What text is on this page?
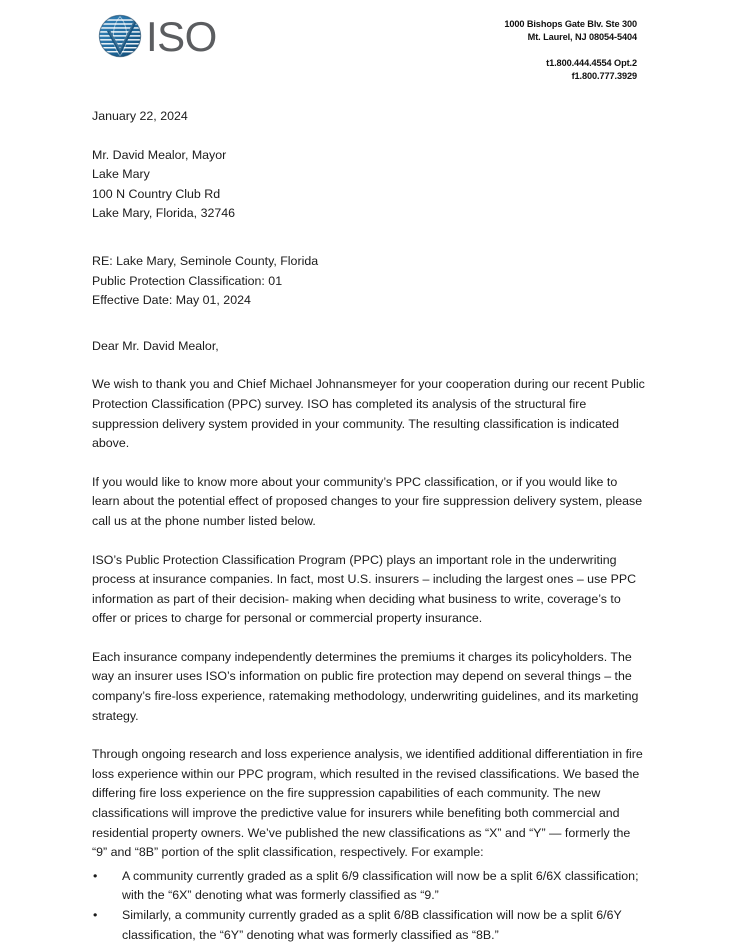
ISO	1000 Bishops Gate Blv. Ste 300
Mt. Laurel, NJ 08054-5404
t1.800.444.4554 Opt.2
f1.800.777.3929
January 22, 2024
Mr. David Mealor, Mayor
Lake Mary
100 N Country Club Rd
Lake Mary, Florida, 32746
RE: Lake Mary, Seminole County, Florida
Public Protection Classification: 01
Effective Date: May 01, 2024
Dear Mr. David Mealor,

We wish to thank you and Chief Michael Johnansmeyer for your cooperation during our recent Public Protection Classification (PPC) survey. ISO has completed its analysis of the structural fire suppression delivery system provided in your community. The resulting classification is indicated above.

If you would like to know more about your community’s PPC classification, or if you would like to learn about the potential effect of proposed changes to your fire suppression delivery system, please call us at the phone number listed below.

ISO’s Public Protection Classification Program (PPC) plays an important role in the underwriting process at insurance companies. In fact, most U.S. insurers – including the largest ones – use PPC information as part of their decision- making when deciding what business to write, coverage’s to offer or prices to charge for personal or commercial property insurance.

Each insurance company independently determines the premiums it charges its policyholders. The way an insurer uses ISO’s information on public fire protection may depend on several things – the company’s fire-loss experience, ratemaking methodology, underwriting guidelines, and its marketing strategy.

Through ongoing research and loss experience analysis, we identified additional differentiation in fire loss experience within our PPC program, which resulted in the revised classifications. We based the differing fire loss experience on the fire suppression capabilities of each community. The new classifications will improve the predictive value for insurers while benefiting both commercial and residential property owners. We’ve published the new classifications as “X” and “Y” — formerly the “9” and “8B” portion of the split classification, respectively. For example:

•	A community currently graded as a split 6/9 classification will now be a split 6/6X classification; with the “6X” denoting what was formerly classified as “9.”
•	Similarly, a community currently graded as a split 6/8B classification will now be a split 6/6Y classification, the “6Y” denoting what was formerly classified as “8B.”
